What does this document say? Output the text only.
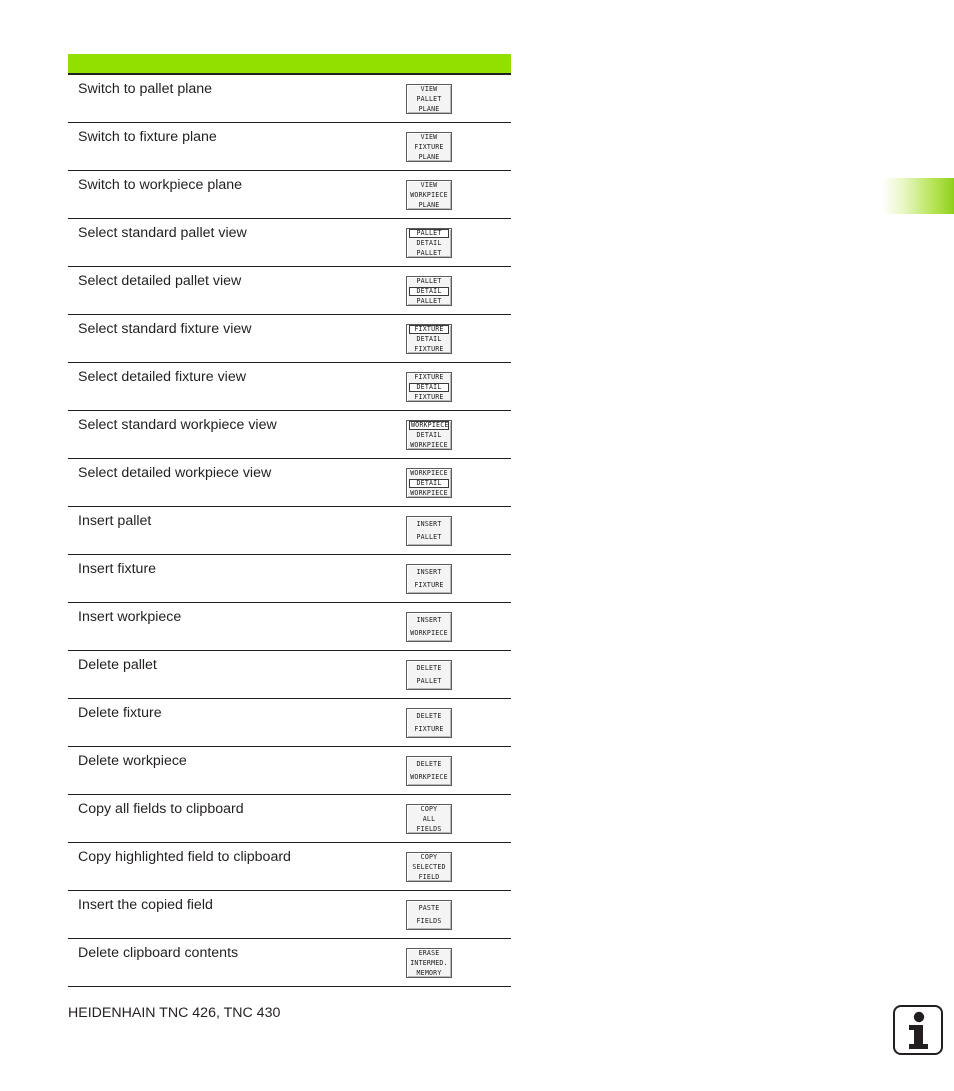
Switch to pallet plane	VIEW
PALLET
PLANE
Switch to fixture plane	VIEW
FIXTURE
PLANE
Switch to workpiece plane	VIEW
WORKPIECE
PLANE
Select standard pallet view	PALLET
DETAIL
PALLET
Select detailed pallet view	PALLET
DETAIL
PALLET
Select standard fixture view	FIXTURE
DETAIL
FIXTURE
Select detailed fixture view	FIXTURE
DETAIL
FIXTURE
Select standard workpiece view	WORKPIECE
DETAIL
WORKPIECE
Select detailed workpiece view	WORKPIECE
DETAIL
WORKPIECE
Insert pallet	INSERT
PALLET
Insert fixture	INSERT
FIXTURE
Insert workpiece	INSERT
WORKPIECE
Delete pallet	DELETE
PALLET
Delete fixture	DELETE
FIXTURE
Delete workpiece	DELETE
WORKPIECE
Copy all fields to clipboard	COPY
ALL
FIELDS
Copy highlighted field to clipboard	COPY
SELECTED
FIELD
Insert the copied field	PASTE
FIELDS
Delete clipboard contents	ERASE
INTERMED.
MEMORY
HEIDENHAIN TNC 426, TNC 430
